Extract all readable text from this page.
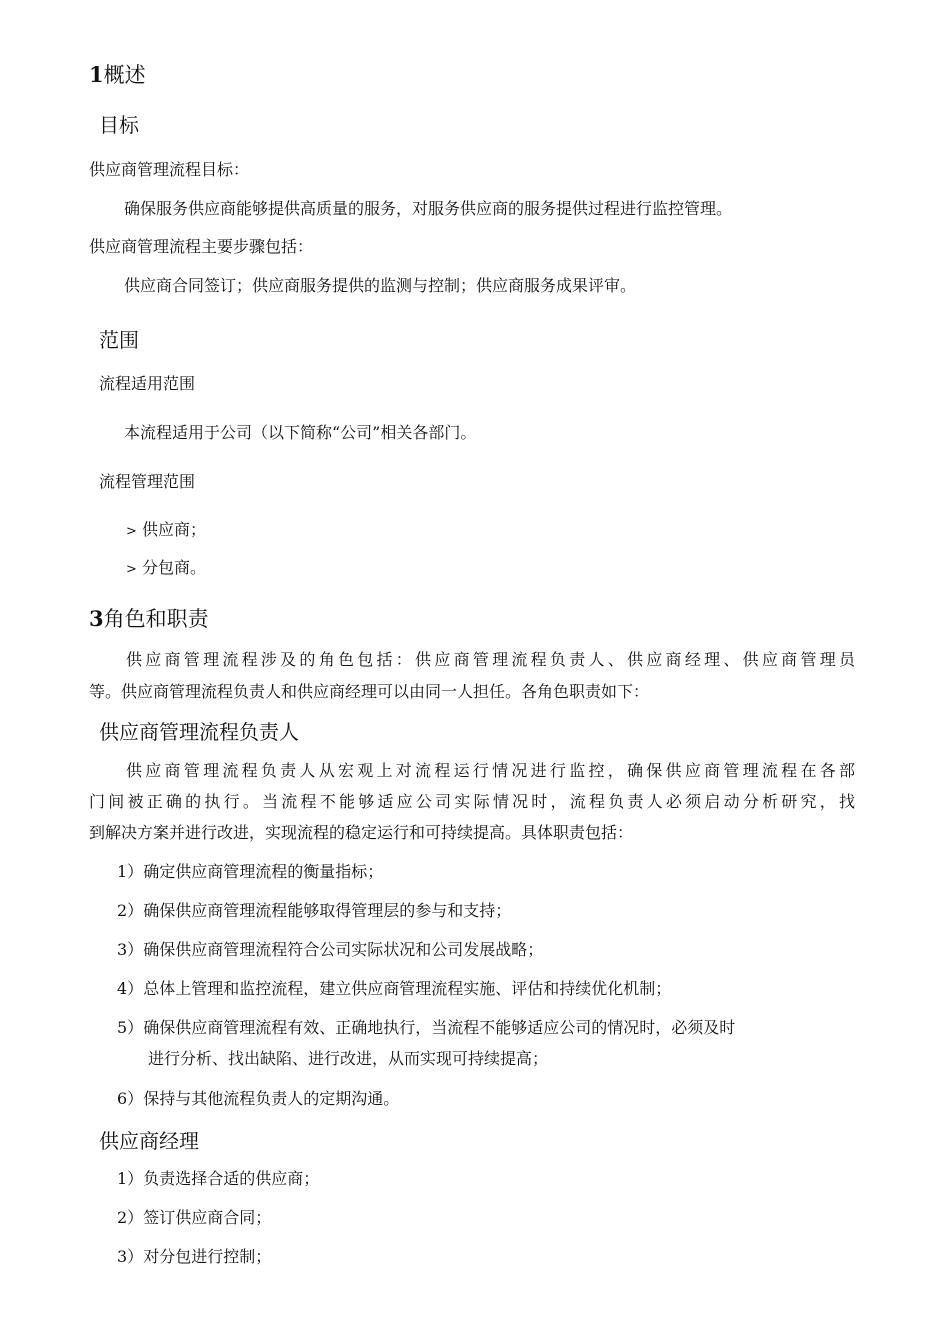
1概述
目标
供应商管理流程目标：
确保服务供应商能够提供高质量的服务，对服务供应商的服务提供过程进行监控管理。
供应商管理流程主要步骤包括：
供应商合同签订；供应商服务提供的监测与控制；供应商服务成果评审。
范围
流程适用范围
本流程适用于公司（以下简称“公司”相关各部门。
流程管理范围
> 供应商；
> 分包商。
3角色和职责
供应商管理流程涉及的角色包括：供应商管理流程负责人、供应商经理、供应商管理员
等。供应商管理流程负责人和供应商经理可以由同一人担任。各角色职责如下：
供应商管理流程负责人
供应商管理流程负责人从宏观上对流程运行情况进行监控，确保供应商管理流程在各部
门间被正确的执行。当流程不能够适应公司实际情况时，流程负责人必须启动分析研究，找
到解决方案并进行改进，实现流程的稳定运行和可持续提高。具体职责包括：
1）确定供应商管理流程的衡量指标；
2）确保供应商管理流程能够取得管理层的参与和支持；
3）确保供应商管理流程符合公司实际状况和公司发展战略；
4）总体上管理和监控流程，建立供应商管理流程实施、评估和持续优化机制；
5）确保供应商管理流程有效、正确地执行，当流程不能够适应公司的情况时，必须及时
进行分析、找出缺陷、进行改进，从而实现可持续提高；
6）保持与其他流程负责人的定期沟通。
供应商经理
1）负责选择合适的供应商；
2）签订供应商合同；
3）对分包进行控制；
